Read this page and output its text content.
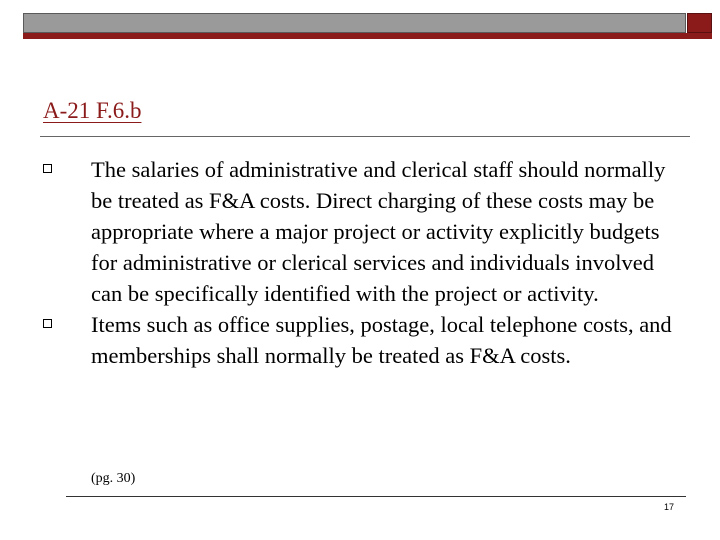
A-21 F.6.b
The salaries of administrative and clerical staff should normally be treated as F&A costs. Direct charging of these costs may be appropriate where a major project or activity explicitly budgets for administrative or clerical services and individuals involved can be specifically identified with the project or activity.
Items such as office supplies, postage, local telephone costs, and memberships shall normally be treated as F&A costs.
(pg. 30)
17
